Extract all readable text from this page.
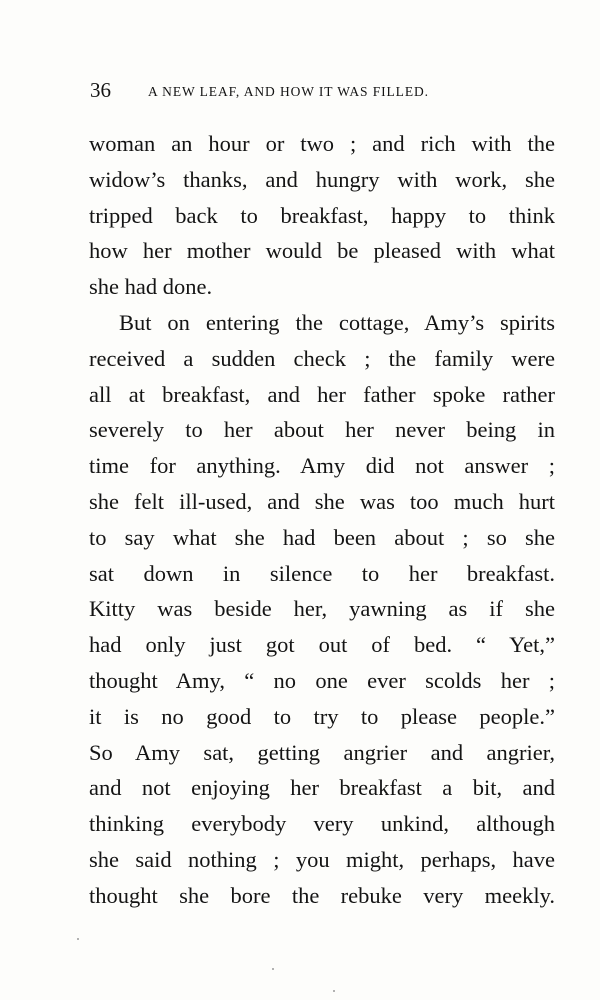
36	A NEW LEAF, AND HOW IT WAS FILLED.
woman an hour or two ; and rich with the
widow’s thanks, and hungry with work, she
tripped back to breakfast, happy to think
how her mother would be pleased with what
she had done.
But on entering the cottage, Amy’s spirits
received a sudden check ; the family were
all at breakfast, and her father spoke rather
severely to her about her never being in
time for anything. Amy did not answer ;
she felt ill-used, and she was too much hurt
to say what she had been about ; so she
sat down in silence to her breakfast.
Kitty was beside her, yawning as if she
had only just got out of bed. “ Yet,”
thought Amy, “ no one ever scolds her ;
it is no good to try to please people.”
So Amy sat, getting angrier and angrier,
and not enjoying her breakfast a bit, and
thinking everybody very unkind, although
she said nothing ; you might, perhaps, have
thought she bore the rebuke very meekly.
